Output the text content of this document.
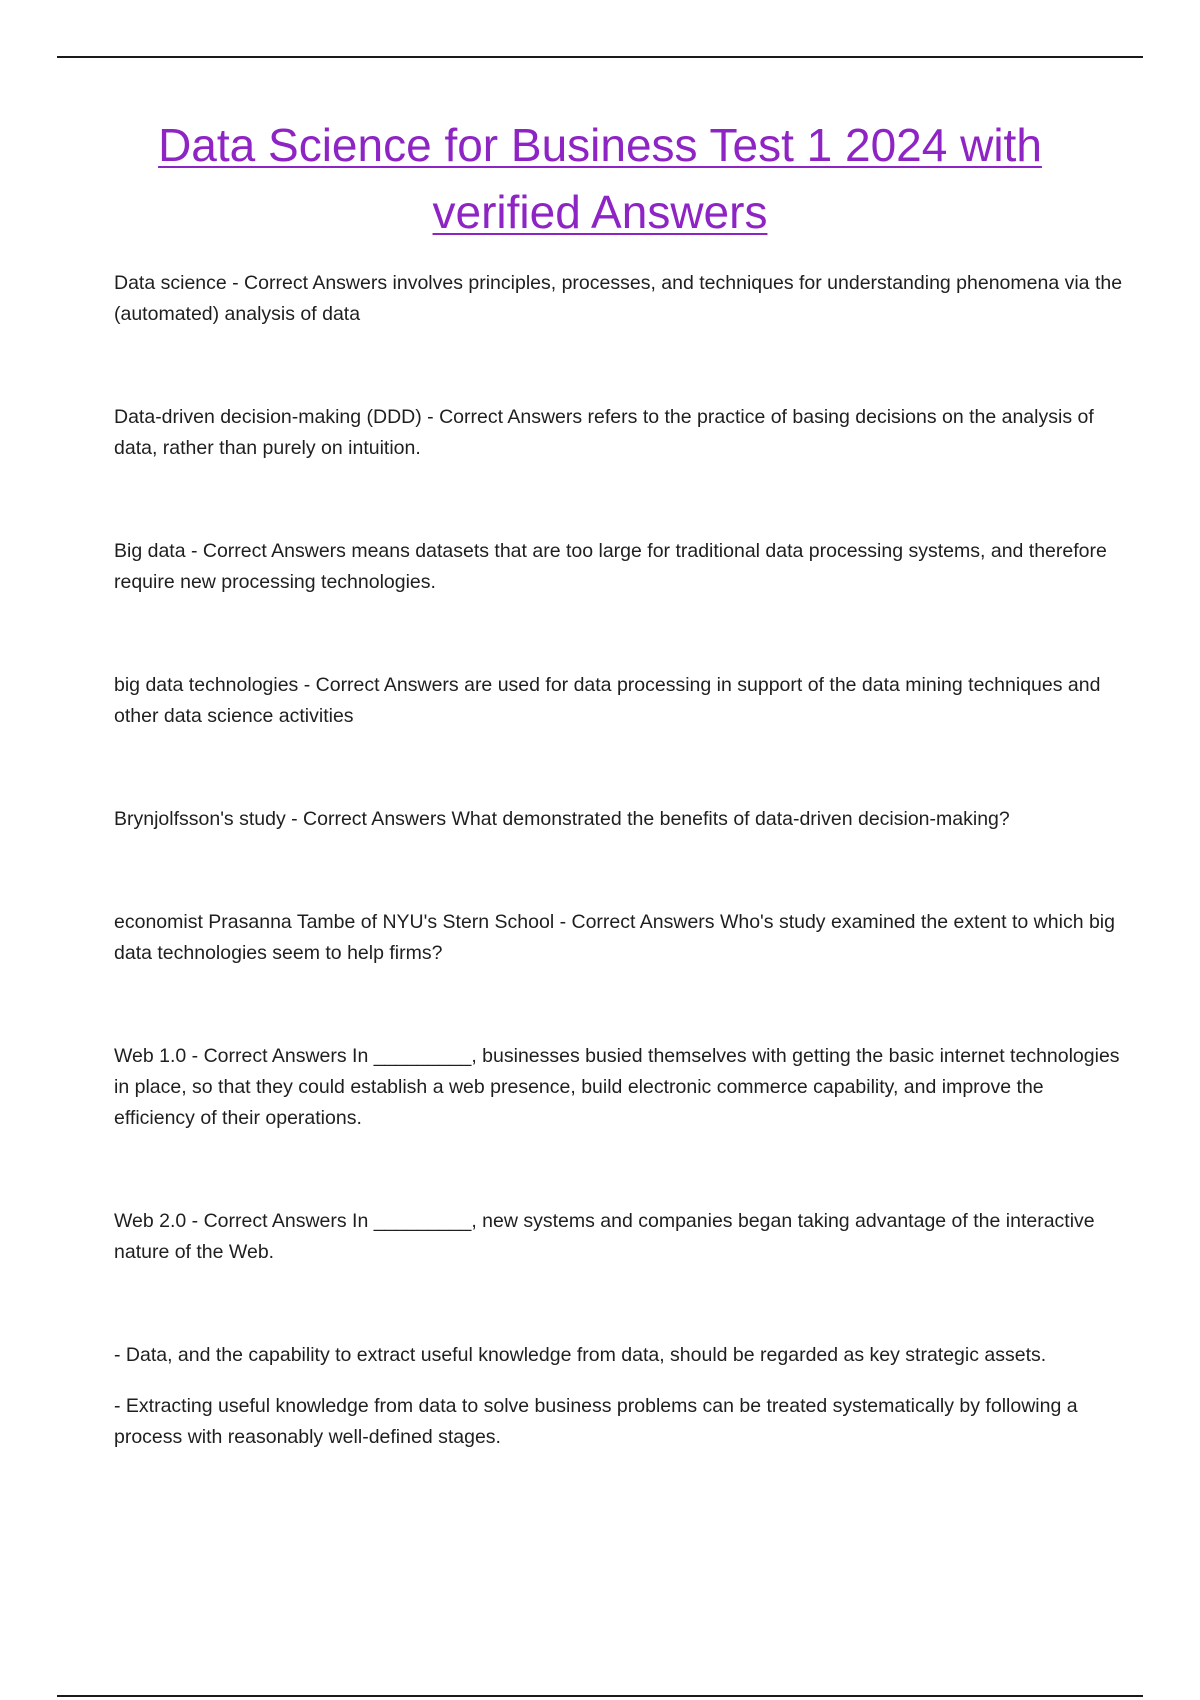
Data Science for Business Test 1 2024 with verified Answers

Data science - Correct Answers involves principles, processes, and techniques for understanding phenomena via the (automated) analysis of data

Data-driven decision-making (DDD) - Correct Answers refers to the practice of basing decisions on the analysis of data, rather than purely on intuition.

Big data - Correct Answers means datasets that are too large for traditional data processing systems, and therefore require new processing technologies.

big data technologies - Correct Answers are used for data processing in support of the data mining techniques and other data science activities

Brynjolfsson's study - Correct Answers What demonstrated the benefits of data-driven decision-making?

economist Prasanna Tambe of NYU's Stern School - Correct Answers Who's study examined the extent to which big data technologies seem to help firms?

Web 1.0 - Correct Answers In _________, businesses busied themselves with getting the basic internet technologies in place, so that they could establish a web presence, build electronic commerce capability, and improve the efficiency of their operations.

Web 2.0 - Correct Answers In _________, new systems and companies began taking advantage of the interactive nature of the Web.

- Data, and the capability to extract useful knowledge from data, should be regarded as key strategic assets.

- Extracting useful knowledge from data to solve business problems can be treated systematically by following a process with reasonably well-defined stages.
